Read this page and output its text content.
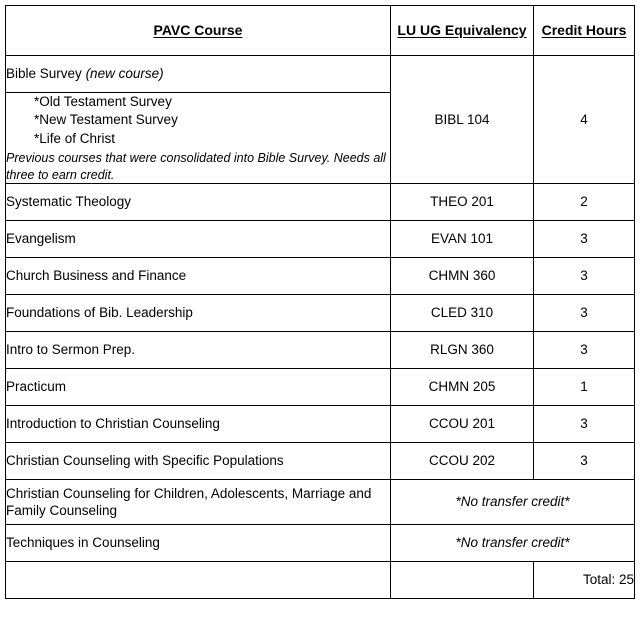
PAVC Course	LU UG Equivalency	Credit Hours
Bible Survey (new course)	BIBL 104	4

*Old Testament Survey
*New Testament Survey
*Life of Christ

Previous courses that were consolidated into Bible Survey. Needs all three to earn credit.

Systematic Theology	THEO 201	2
Evangelism	EVAN 101	3
Church Business and Finance	CHMN 360	3
Foundations of Bib. Leadership	CLED 310	3
Intro to Sermon Prep.	RLGN 360	3
Practicum	CHMN 205	1
Introduction to Christian Counseling	CCOU 201	3
Christian Counseling with Specific Populations	CCOU 202	3
Christian Counseling for Children, Adolescents, Marriage and Family Counseling	*No transfer credit*	
Techniques in Counseling	*No transfer credit*	
		Total: 25
